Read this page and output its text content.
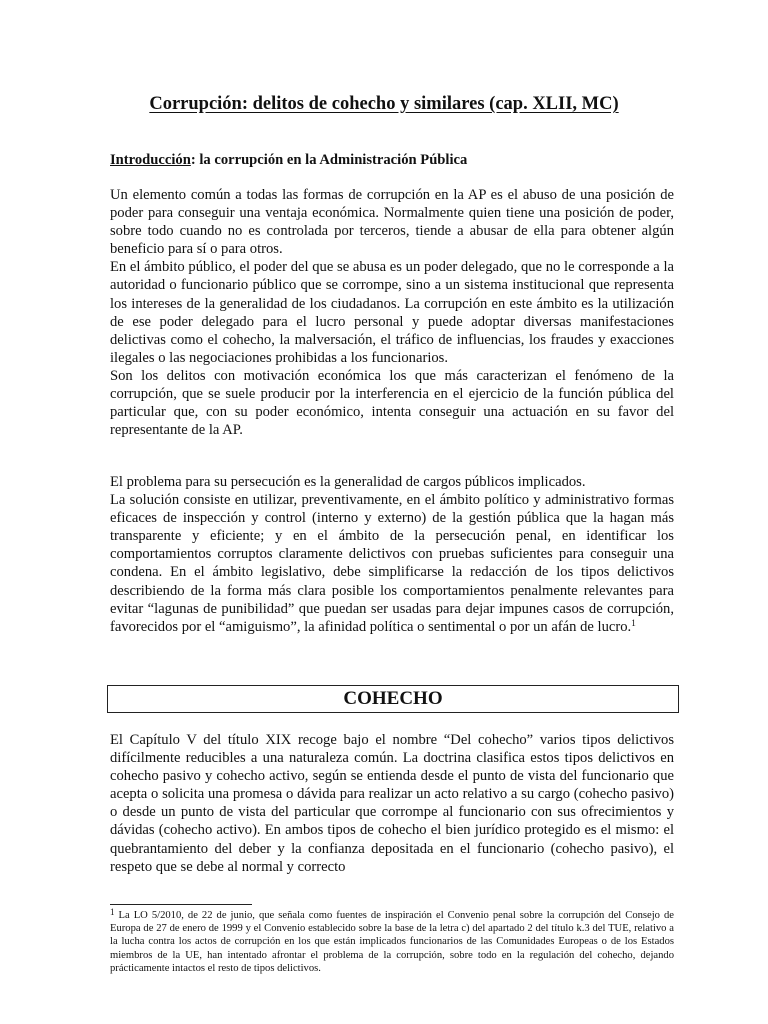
Corrupción: delitos de cohecho y similares (cap. XLII, MC)
Introducción: la corrupción en la Administración Pública

Un elemento común a todas las formas de corrupción en la AP es el abuso de una posición de poder para conseguir una ventaja económica. Normalmente quien tiene una posición de poder, sobre todo cuando no es controlada por terceros, tiende a abusar de ella para obtener algún beneficio para sí o para otros.

En el ámbito público, el poder del que se abusa es un poder delegado, que no le corresponde a la autoridad o funcionario público que se corrompe, sino a un sistema institucional que representa los intereses de la generalidad de los ciudadanos. La corrupción en este ámbito es la utilización de ese poder delegado para el lucro personal y puede adoptar diversas manifestaciones delictivas como el cohecho, la malversación, el tráfico de influencias, los fraudes y exacciones ilegales o las negociaciones prohibidas a los funcionarios.

Son los delitos con motivación económica los que más caracterizan el fenómeno de la corrupción, que se suele producir por la interferencia en el ejercicio de la función pública del particular que, con su poder económico, intenta conseguir una actuación en su favor del representante de la AP.

El problema para su persecución es la generalidad de cargos públicos implicados.

La solución consiste en utilizar, preventivamente, en el ámbito político y administrativo formas eficaces de inspección y control (interno y externo) de la gestión pública que la hagan más transparente y eficiente; y en el ámbito de la persecución penal, en identificar los comportamientos corruptos claramente delictivos con pruebas suficientes para conseguir una condena. En el ámbito legislativo, debe simplificarse la redacción de los tipos delictivos describiendo de la forma más clara posible los comportamientos penalmente relevantes para evitar “lagunas de punibilidad” que puedan ser usadas para dejar impunes casos de corrupción, favorecidos por el “amiguismo”, la afinidad política o sentimental o por un afán de lucro.$^1$

COHECHO

El Capítulo V del título XIX recoge bajo el nombre “Del cohecho” varios tipos delictivos difícilmente reducibles a una naturaleza común. La doctrina clasifica estos tipos delictivos en cohecho pasivo y cohecho activo, según se entienda desde el punto de vista del funcionario que acepta o solicita una promesa o dávida para realizar un acto relativo a su cargo (cohecho pasivo) o desde un punto de vista del particular que corrompe al funcionario con sus ofrecimientos y dávidas (cohecho activo). En ambos tipos de cohecho el bien jurídico protegido es el mismo: el quebrantamiento del deber y la confianza depositada en el funcionario (cohecho pasivo), el respeto que se debe al normal y correcto

$^1$ La LO 5/2010, de 22 de junio, que señala como fuentes de inspiración el Convenio penal sobre la corrupción del Consejo de Europa de 27 de enero de 1999 y el Convenio establecido sobre la base de la letra c) del apartado 2 del título k.3 del TUE, relativo a la lucha contra los actos de corrupción en los que están implicados funcionarios de las Comunidades Europeas o de los Estados miembros de la UE, han intentado afrontar el problema de la corrupción, sobre todo en la regulación del cohecho, dejando prácticamente intactos el resto de tipos delictivos.
